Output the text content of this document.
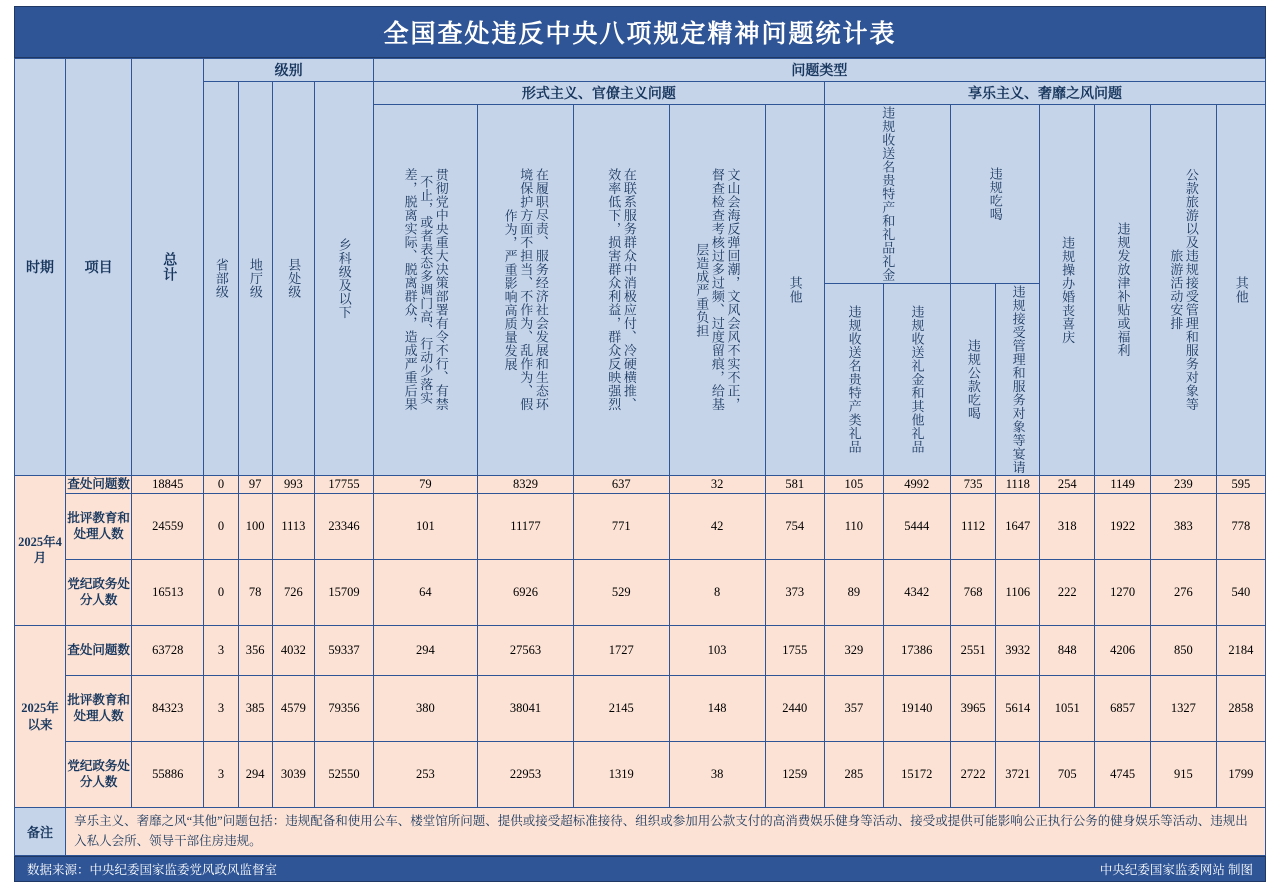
全国查处违反中央八项规定精神问题统计表
时期	项目	总计	级别				问题类型												

			省部级	地厅级	县处级	乡科级及以下	形式主义、官僚主义问题					享乐主义、奢靡之风问题							

							贯彻党中央重大决策部署有令不行、有禁不止，或者表态多调门高、行动少落实差，脱离实际、脱离群众，造成严重后果	在履职尽责、服务经济社会发展和生态环境保护方面不担当、不作为、乱作为、假作为，严重影响高质量发展	在联系服务群众中消极应付、冷硬横推、效率低下，损害群众利益，群众反映强烈	文山会海反弹回潮，文风会风不实不正，督查检查考核过多过频、过度留痕，给基层造成严重负担	其他	违规收送名贵特产和礼品礼金		违规吃喝		违规操办婚丧喜庆	违规发放津补贴或福利	公款旅游以及违规接受管理和服务对象等旅游活动安排	其他

												违规收送名贵特产类礼品	违规收送礼金和其他礼品	违规公款吃喝	违规接受管理和服务对象等宴请				

2025年4月	查处问题数	18845	0	97	993	17755	79	8329	637	32	581	105	4992	735	1118	254	1149	239	595
	批评教育和处理人数	24559	0	100	1113	23346	101	11177	771	42	754	110	5444	1112	1647	318	1922	383	778
	党纪政务处分人数	16513	0	78	726	15709	64	6926	529	8	373	89	4342	768	1106	222	1270	276	540
2025年以来	查处问题数	63728	3	356	4032	59337	294	27563	1727	103	1755	329	17386	2551	3932	848	4206	850	2184
	批评教育和处理人数	84323	3	385	4579	79356	380	38041	2145	148	2440	357	19140	3965	5614	1051	6857	1327	2858
	党纪政务处分人数	55886	3	294	3039	52550	253	22953	1319	38	1259	285	15172	2722	3721	705	4745	915	1799
备注	享乐主义、奢靡之风“其他”问题包括：违规配备和使用公车、楼堂馆所问题、提供或接受超标准接待、组织或参加用公款支付的高消费娱乐健身等活动、接受或提供可能影响公正执行公务的健身娱乐等活动、违规出入私人会所、领导干部住房违规。																		
数据来源：中央纪委国家监委党风政风监督室	中央纪委国家监委网站 制图
